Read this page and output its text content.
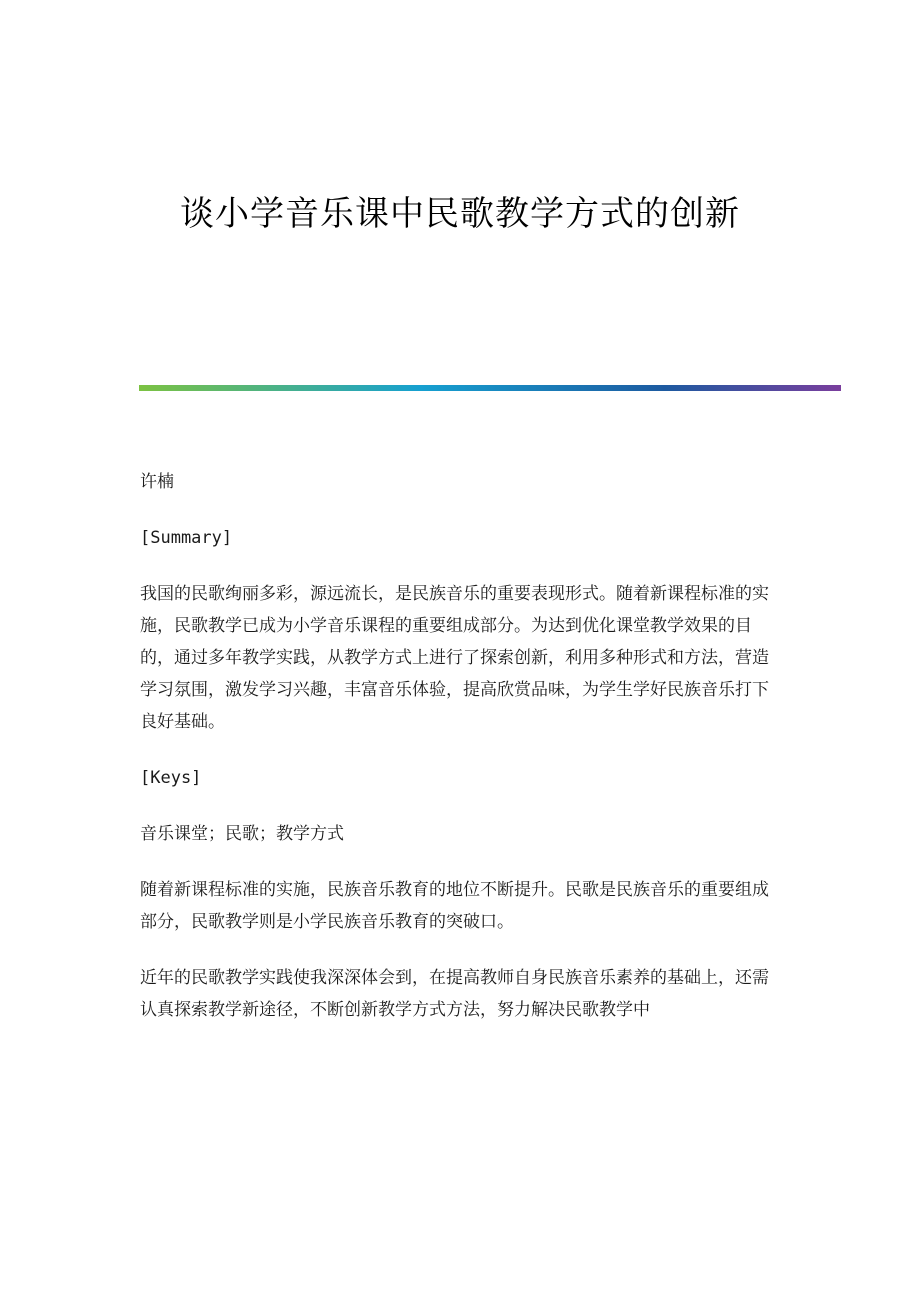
谈小学音乐课中民歌教学方式的创新

许楠

[Summary]

我国的民歌绚丽多彩，源远流长，是民族音乐的重要表现形式。随着新课程标准的实施，民歌教学已成为小学音乐课程的重要组成部分。为达到优化课堂教学效果的目的，通过多年教学实践，从教学方式上进行了探索创新，利用多种形式和方法，营造学习氛围，激发学习兴趣，丰富音乐体验，提高欣赏品味，为学生学好民族音乐打下良好基础。

[Keys]

音乐课堂；民歌；教学方式

随着新课程标准的实施，民族音乐教育的地位不断提升。民歌是民族音乐的重要组成部分，民歌教学则是小学民族音乐教育的突破口。

近年的民歌教学实践使我深深体会到，在提高教师自身民族音乐素养的基础上，还需认真探索教学新途径，不断创新教学方式方法，努力解决民歌教学中
